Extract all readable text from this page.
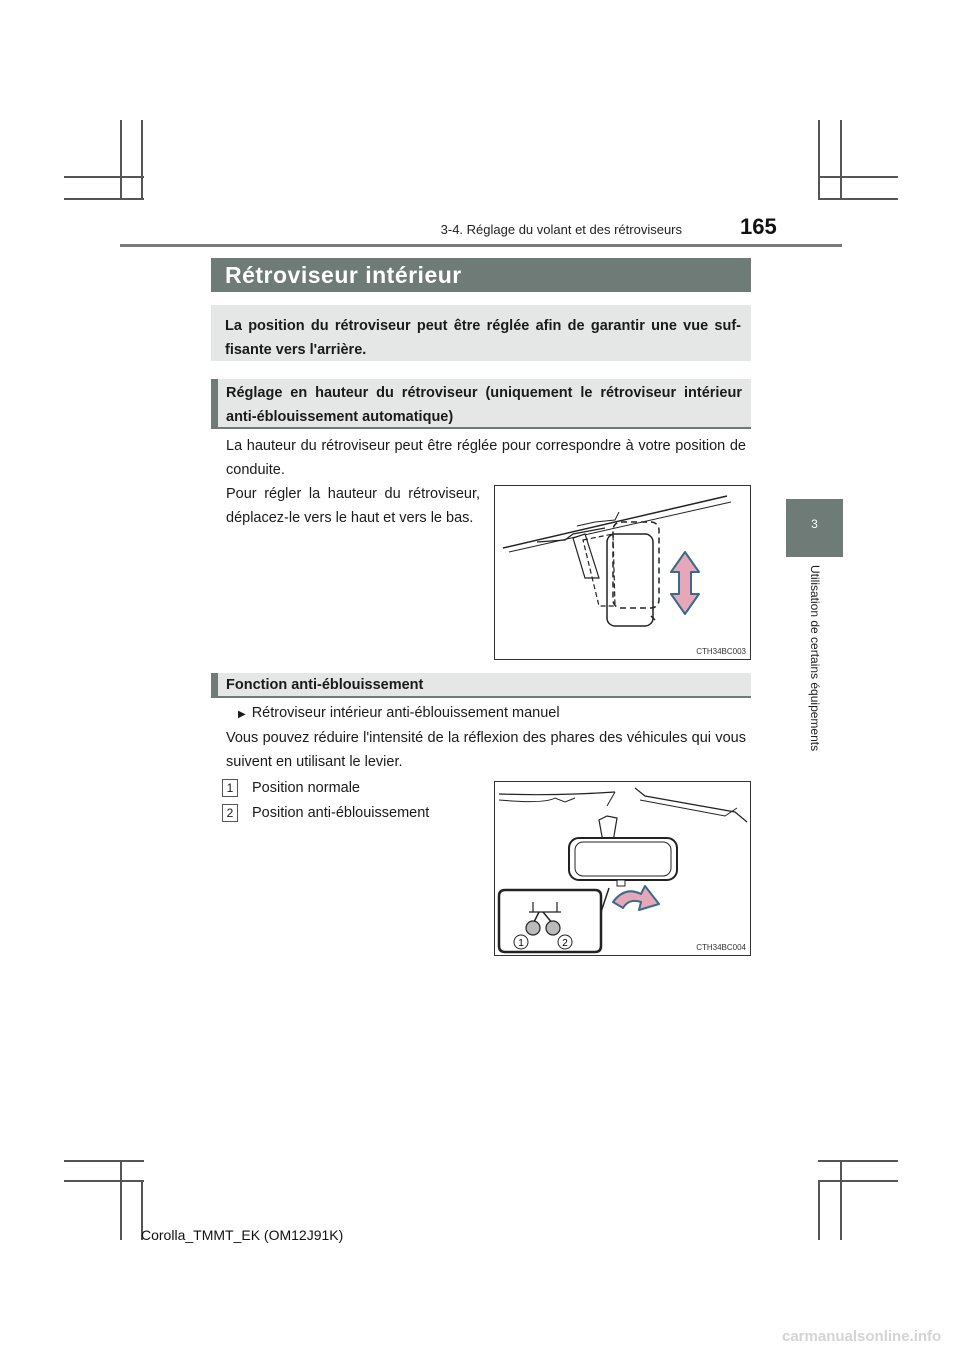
3-4. Réglage du volant et des rétroviseurs	165
3
Utilisation de certains équipements
Rétroviseur intérieur

La position du rétroviseur peut être réglée afin de garantir une vue suf-fisante vers l'arrière.

Réglage en hauteur du rétroviseur (uniquement le rétroviseur intérieur anti-éblouissement automatique)

La hauteur du rétroviseur peut être réglée pour correspondre à votre position de conduite.

Pour régler la hauteur du rétroviseur, déplacez-le vers le haut et vers le bas.

CTH34BC003
Fonction anti-éblouissement

▶ Rétroviseur intérieur anti-éblouissement manuel

Vous pouvez réduire l'intensité de la réflexion des phares des véhicules qui vous suivent en utilisant le levier.

1 Position normale
2 Position anti-éblouissement
1	2	CTH34BC004
Corolla_TMMT_EK (OM12J91K)
carmanualsonline.info
